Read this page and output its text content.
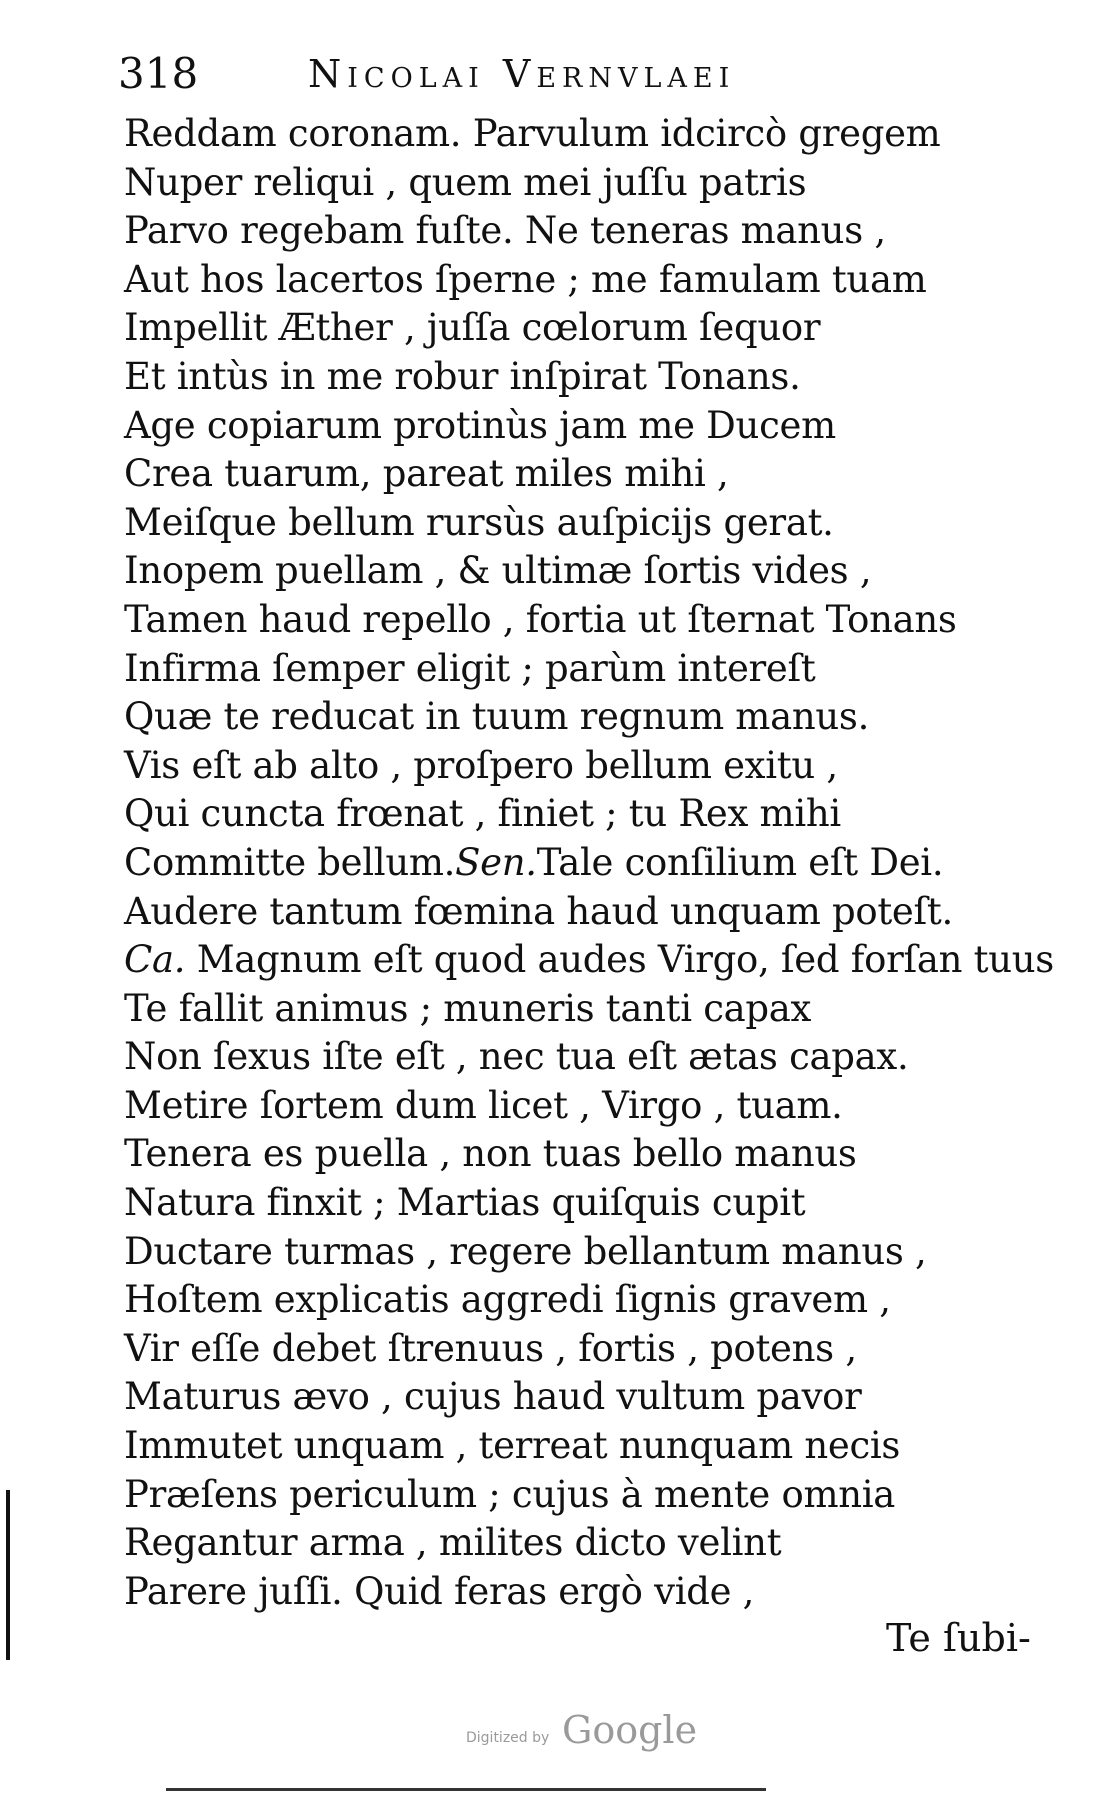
318	Nicolai Vernvlaei
Reddam coronam. Parvulum idcircò gregem
Nuper reliqui , quem mei juſſu patris
Parvo regebam fuſte. Ne teneras manus ,
Aut hos lacertos ſperne ; me famulam tuam
Impellit Æther , juſſa cœlorum ſequor
Et intùs in me robur inſpirat Tonans.
Age copiarum protinùs jam me Ducem
Crea tuarum, pareat miles mihi ,
Meiſque bellum rursùs auſpicijs gerat.
Inopem puellam , & ultimæ ſortis vides ,
Tamen haud repello , fortia ut ſternat Tonans
Infirma ſemper eligit ; parùm intereſt
Quæ te reducat in tuum regnum manus.
Vis eſt ab alto , proſpero bellum exitu ,
Qui cuncta frœnat , finiet ; tu Rex mihi
Committe bellum.Sen.Tale conſilium eſt Dei.
Audere tantum fœmina haud unquam poteſt.
Ca. Magnum eſt quod audes Virgo, ſed forſan tuus
Te fallit animus ; muneris tanti capax
Non ſexus iſte eſt , nec tua eſt ætas capax.
Metire ſortem dum licet , Virgo , tuam.
Tenera es puella , non tuas bello manus
Natura finxit ; Martias quiſquis cupit
Ductare turmas , regere bellantum manus ,
Hoſtem explicatis aggredi ſignis gravem ,
Vir eſſe debet ſtrenuus , fortis , potens ,
Maturus ævo , cujus haud vultum pavor
Immutet unquam , terreat nunquam necis
Præſens periculum ; cujus à mente omnia
Regantur arma , milites dicto velint
Parere juſſi. Quid feras ergò vide ,
Te ſubi-
Digitized by Google
